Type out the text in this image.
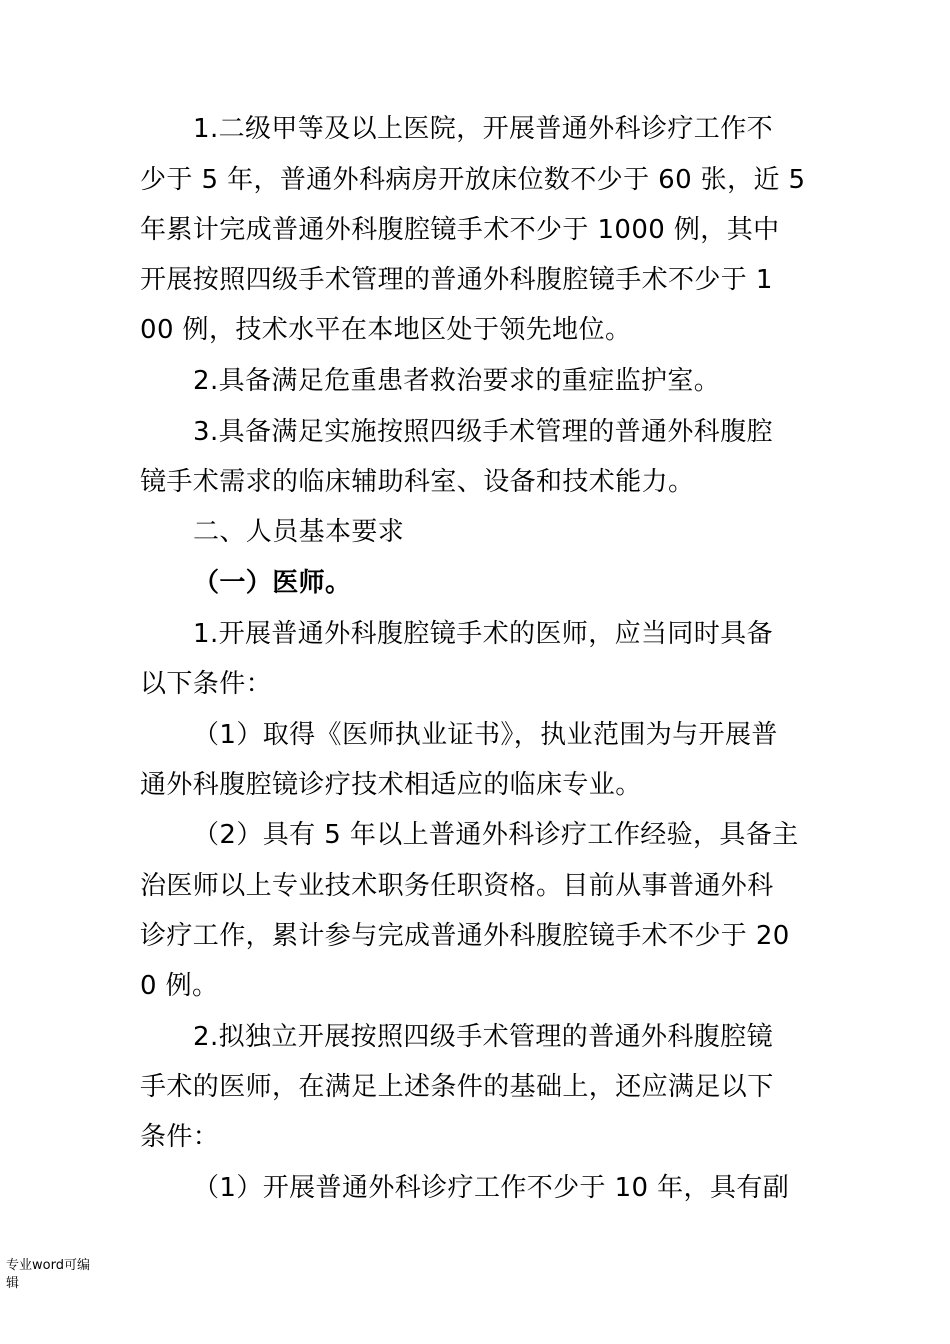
1.二级甲等及以上医院，开展普通外科诊疗工作不
少于 5 年，普通外科病房开放床位数不少于 60 张，近 5
年累计完成普通外科腹腔镜手术不少于 1000 例，其中
开展按照四级手术管理的普通外科腹腔镜手术不少于 1
00 例，技术水平在本地区处于领先地位。
2.具备满足危重患者救治要求的重症监护室。
3.具备满足实施按照四级手术管理的普通外科腹腔
镜手术需求的临床辅助科室、设备和技术能力。
二、人员基本要求
（一）医师。
1.开展普通外科腹腔镜手术的医师，应当同时具备
以下条件：
（1）取得《医师执业证书》，执业范围为与开展普
通外科腹腔镜诊疗技术相适应的临床专业。
（2）具有 5 年以上普通外科诊疗工作经验，具备主
治医师以上专业技术职务任职资格。目前从事普通外科
诊疗工作，累计参与完成普通外科腹腔镜手术不少于 20
0 例。
2.拟独立开展按照四级手术管理的普通外科腹腔镜
手术的医师，在满足上述条件的基础上，还应满足以下
条件：
（1）开展普通外科诊疗工作不少于 10 年，具有副
专业word可编
辑
